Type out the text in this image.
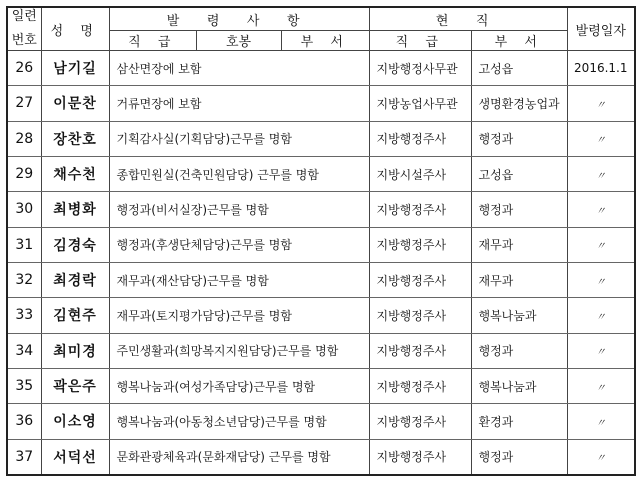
일련
번호	성 명	발 령 사 항	현 직		발령일자

		직 급 호봉 부 서	직 급	부 서	
26	남기길	삼산면장에 보함	지방행정사무관	고성읍	2016.1.1
27	이문찬	거류면장에 보함	지방농업사무관	생명환경농업과	〃
28	장찬호	기획감사실(기획담당)근무를 명함	지방행정주사	행정과	〃
29	채수천	종합민원실(건축민원담당) 근무를 명함	지방시설주사	고성읍	〃
30	최병화	행정과(비서실장)근무를 명함	지방행정주사	행정과	〃
31	김경숙	행정과(후생단체담당)근무를 명함	지방행정주사	재무과	〃
32	최경락	재무과(재산담당)근무를 명함	지방행정주사	재무과	〃
33	김현주	재무과(토지평가담당)근무를 명함	지방행정주사	행복나눔과	〃
34	최미경	주민생활과(희망복지지원담당)근무를 명함	지방행정주사	행정과	〃
35	곽은주	행복나눔과(여성가족담당)근무를 명함	지방행정주사	행복나눔과	〃
36	이소영	행복나눔과(아동청소년담당)근무를 명함	지방행정주사	환경과	〃
37	서덕선	문화관광체육과(문화재담당) 근무를 명함	지방행정주사	행정과	〃
